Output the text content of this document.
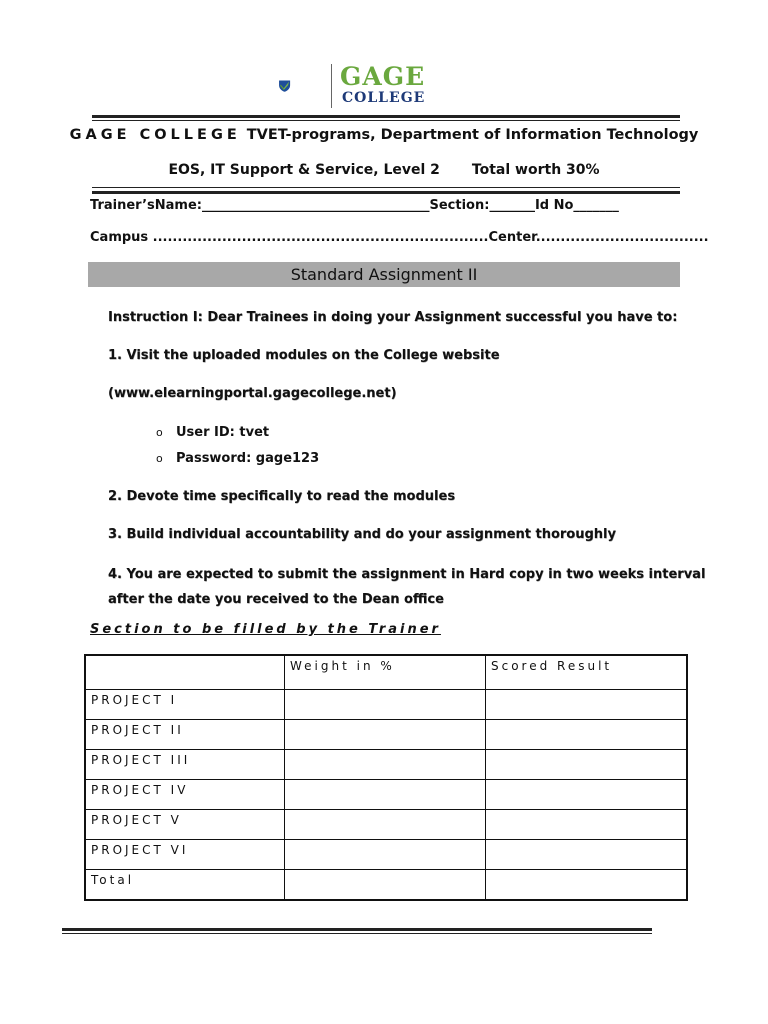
GAGE
COLLEGE
GAGE COLLEGE TVET-programs, Department of Information Technology
EOS, IT Support & Service, Level 2 Total worth 30%
Trainer’sName:___________________________________Section:_______Id No_______
Campus ....................................................................Center...................................
Standard Assignment II
Instruction I: Dear Trainees in doing your Assignment successful you have to:
1. Visit the uploaded modules on the College website
(www.elearningportal.gagecollege.net)
o User ID: tvet
o Password: gage123
2. Devote time specifically to read the modules
3. Build individual accountability and do your assignment thoroughly
4. You are expected to submit the assignment in Hard copy in two weeks interval
after the date you received to the Dean office
Section to be filled by the Trainer
	Weight in %	Scored Result
PROJECT I		
PROJECT II		
PROJECT III		
PROJECT IV		
PROJECT V		
PROJECT VI		
Total		
